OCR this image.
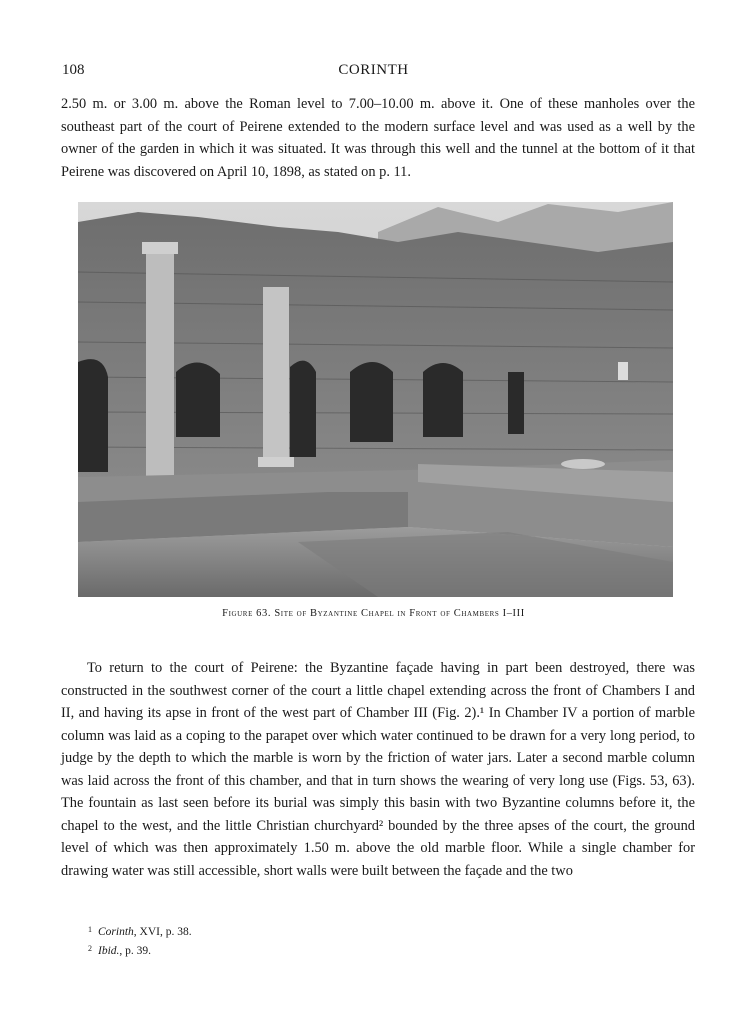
108	CORINTH

2.50 m. or 3.00 m. above the Roman level to 7.00–10.00 m. above it. One of these manholes over the southeast part of the court of Peirene extended to the modern surface level and was used as a well by the owner of the garden in which it was situated. It was through this well and the tunnel at the bottom of it that Peirene was discovered on April 10, 1898, as stated on p. 11.

Figure 63. Site of Byzantine Chapel in Front of Chambers I–III

To return to the court of Peirene: the Byzantine façade having in part been destroyed, there was constructed in the southwest corner of the court a little chapel extending across the front of Chambers I and II, and having its apse in front of the west part of Chamber III (Fig. 2).¹ In Chamber IV a portion of marble column was laid as a coping to the parapet over which water continued to be drawn for a very long period, to judge by the depth to which the marble is worn by the friction of water jars. Later a second marble column was laid across the front of this chamber, and that in turn shows the wearing of very long use (Figs. 53, 63). The fountain as last seen before its burial was simply this basin with two Byzantine columns before it, the chapel to the west, and the little Christian churchyard² bounded by the three apses of the court, the ground level of which was then approximately 1.50 m. above the old marble floor. While a single chamber for drawing water was still accessible, short walls were built between the façade and the two

$^1$ Corinth, XVI, p. 38.

$^2$ Ibid., p. 39.
